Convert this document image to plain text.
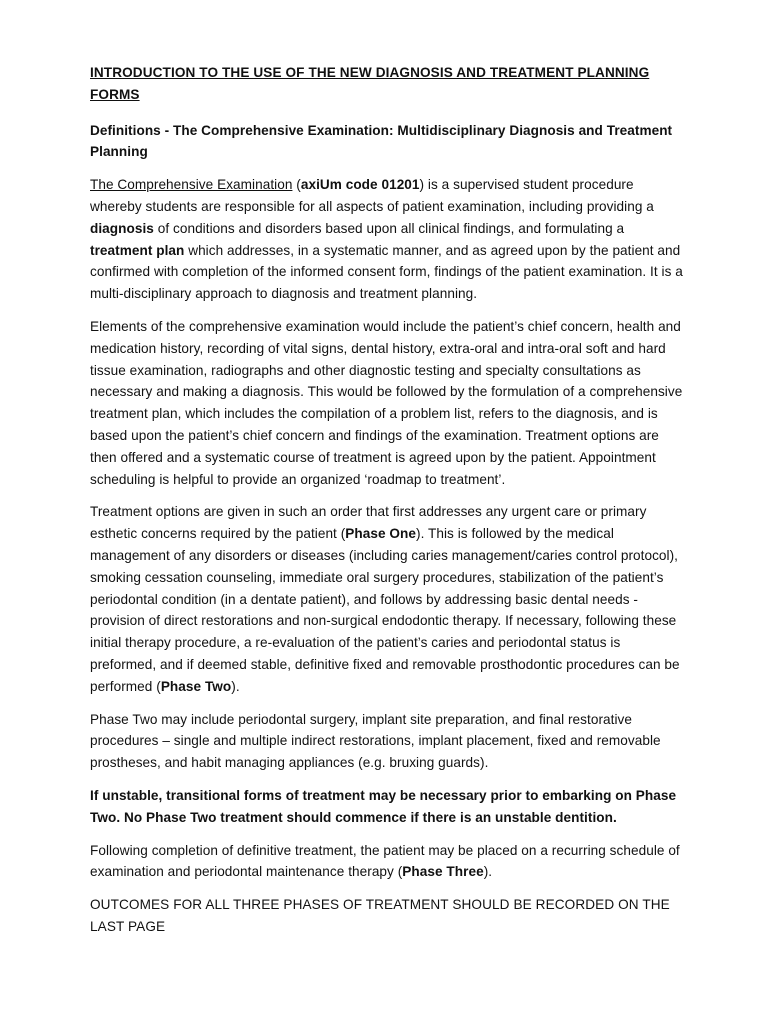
INTRODUCTION TO THE USE OF THE NEW DIAGNOSIS AND TREATMENT PLANNING FORMS

Definitions - The Comprehensive Examination: Multidisciplinary Diagnosis and Treatment Planning

The Comprehensive Examination (axiUm code 01201) is a supervised student procedure whereby students are responsible for all aspects of patient examination, including providing a diagnosis of conditions and disorders based upon all clinical findings, and formulating a treatment plan which addresses, in a systematic manner, and as agreed upon by the patient and confirmed with completion of the informed consent form, findings of the patient examination. It is a multi-disciplinary approach to diagnosis and treatment planning.

Elements of the comprehensive examination would include the patient’s chief concern, health and medication history, recording of vital signs, dental history, extra-oral and intra-oral soft and hard tissue examination, radiographs and other diagnostic testing and specialty consultations as necessary and making a diagnosis. This would be followed by the formulation of a comprehensive treatment plan, which includes the compilation of a problem list, refers to the diagnosis, and is based upon the patient’s chief concern and findings of the examination. Treatment options are then offered and a systematic course of treatment is agreed upon by the patient. Appointment scheduling is helpful to provide an organized ‘roadmap to treatment’.

Treatment options are given in such an order that first addresses any urgent care or primary esthetic concerns required by the patient (Phase One). This is followed by the medical management of any disorders or diseases (including caries management/caries control protocol), smoking cessation counseling, immediate oral surgery procedures, stabilization of the patient’s periodontal condition (in a dentate patient), and follows by addressing basic dental needs - provision of direct restorations and non-surgical endodontic therapy. If necessary, following these initial therapy procedure, a re-evaluation of the patient’s caries and periodontal status is preformed, and if deemed stable, definitive fixed and removable prosthodontic procedures can be performed (Phase Two).

Phase Two may include periodontal surgery, implant site preparation, and final restorative procedures – single and multiple indirect restorations, implant placement, fixed and removable prostheses, and habit managing appliances (e.g. bruxing guards).

If unstable, transitional forms of treatment may be necessary prior to embarking on Phase Two. No Phase Two treatment should commence if there is an unstable dentition.

Following completion of definitive treatment, the patient may be placed on a recurring schedule of examination and periodontal maintenance therapy (Phase Three).

OUTCOMES FOR ALL THREE PHASES OF TREATMENT SHOULD BE RECORDED ON THE LAST PAGE
